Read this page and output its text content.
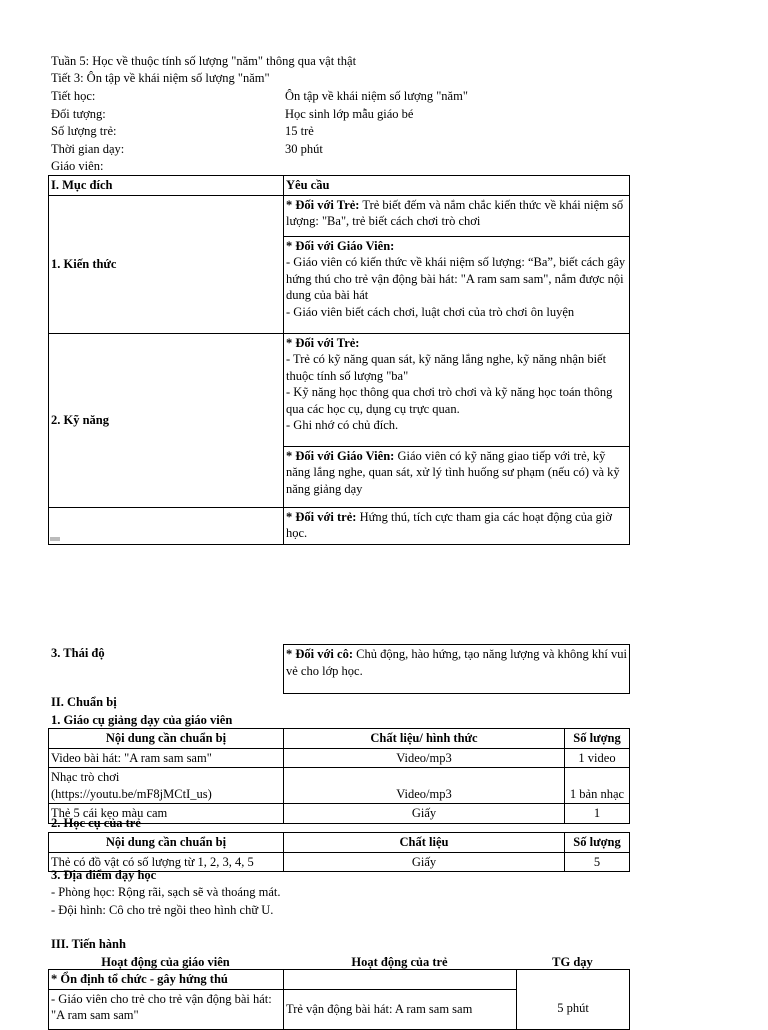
Tuần 5: Học về thuộc tính số lượng "năm" thông qua vật thật
Tiết 3: Ôn tập về khái niệm số lượng "năm"
Tiết học:	Ôn tập về khái niệm số lượng "năm"
Đối tượng:	Học sinh lớp mẫu giáo bé
Số lượng trẻ:	15 trẻ
Thời gian dạy:	30 phút
Giáo viên:
I. Mục đích	Yêu cầu
1. Kiến thức	* Đối với Trẻ: Trẻ biết đếm và nắm chắc kiến thức về khái niệm số lượng: "Ba", trẻ biết cách chơi trò chơi

	* Đối với Giáo Viên:
- Giáo viên có kiến thức về khái niệm số lượng: “Ba”, biết cách gây hứng thú cho trẻ vận động bài hát: "A ram sam sam", nắm được nội dung của bài hát
- Giáo viên biết cách chơi, luật chơi của trò chơi ôn luyện

2. Kỹ năng	* Đối với Trẻ:
- Trẻ có kỹ năng quan sát, kỹ năng lắng nghe, kỹ năng nhận biết thuộc tính số lượng "ba"
- Kỹ năng học thông qua chơi trò chơi và kỹ năng học toán thông qua các học cụ, dụng cụ trực quan.
- Ghi nhớ có chủ đích.

	* Đối với Giáo Viên: Giáo viên có kỹ năng giao tiếp với trẻ, kỹ năng lắng nghe, quan sát, xử lý tình huống sư phạm (nếu có) và kỹ năng giảng dạy
	* Đối với trẻ: Hứng thú, tích cực tham gia các hoạt động của giờ học.
3. Thái độ	* Đối với cô: Chủ động, hào hứng, tạo năng lượng và không khí vui vẻ cho lớp học.
II. Chuẩn bị
1. Giáo cụ giảng dạy của giáo viên
Nội dung cần chuẩn bị	Chất liệu/ hình thức	Số lượng
Video bài hát: "A ram sam sam"	Video/mp3	1 video
Nhạc trò chơi (https://youtu.be/mF8jMCtI_us)	Video/mp3	1 bản nhạc
Thẻ 5 cái kẹo màu cam	Giấy	1
2. Học cụ của trẻ
Nội dung cần chuẩn bị	Chất liệu	Số lượng
Thẻ có đồ vật có số lượng từ 1, 2, 3, 4, 5	Giấy	5
3. Địa điểm dạy học
- Phòng học: Rộng rãi, sạch sẽ và thoáng mát.
- Đội hình: Cô cho trẻ ngồi theo hình chữ U.
III. Tiến hành
Hoạt động của giáo viên	Hoạt động của trẻ	TG dạy
* Ổn định tổ chức - gây hứng thú		5 phút
- Giáo viên cho trẻ cho trẻ vận động bài hát: "A ram sam sam"	Trẻ vận động bài hát: A ram sam sam	
